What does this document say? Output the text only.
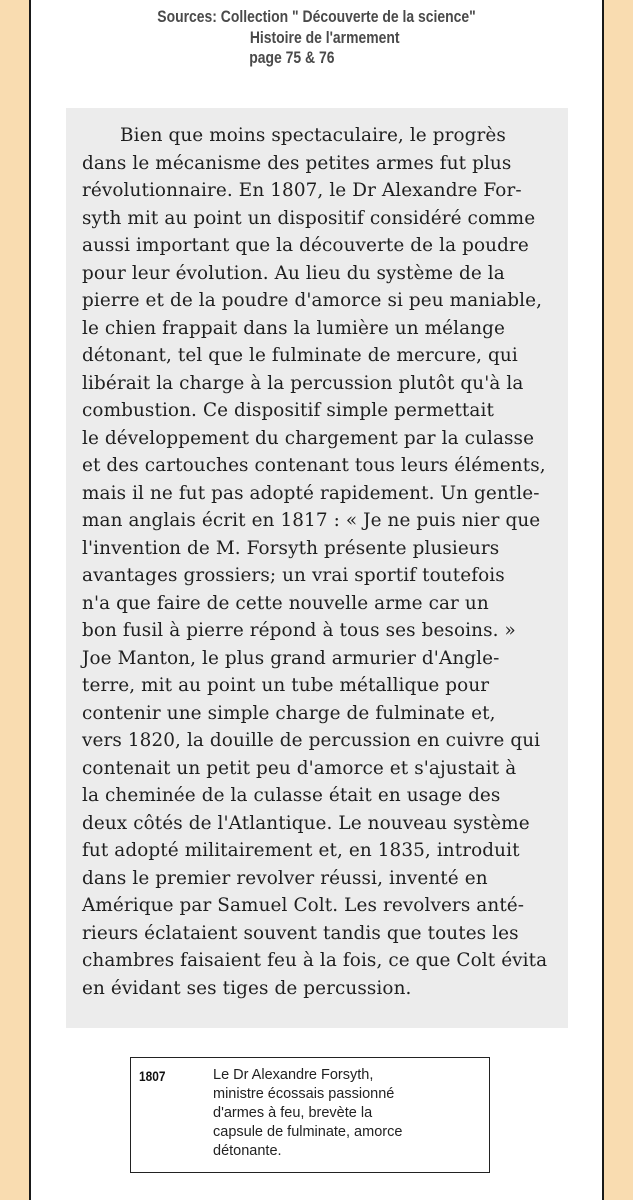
Sources: Collection " Découverte de la science"
Histoire de l'armement
page 75 & 76

Bien que moins spectaculaire, le progrès

dans le mécanisme des petites armes fut plus

révolutionnaire. En 1807, le Dr Alexandre For-

syth mit au point un dispositif considéré comme

aussi important que la découverte de la poudre

pour leur évolution. Au lieu du système de la

pierre et de la poudre d'amorce si peu maniable,

le chien frappait dans la lumière un mélange

détonant, tel que le fulminate de mercure, qui

libérait la charge à la percussion plutôt qu'à la

combustion. Ce dispositif simple permettait

le développement du chargement par la culasse

et des cartouches contenant tous leurs éléments,

mais il ne fut pas adopté rapidement. Un gentle-

man anglais écrit en 1817 : « Je ne puis nier que

l'invention de M. Forsyth présente plusieurs

avantages grossiers; un vrai sportif toutefois

n'a que faire de cette nouvelle arme car un

bon fusil à pierre répond à tous ses besoins. »

Joe Manton, le plus grand armurier d'Angle-

terre, mit au point un tube métallique pour

contenir une simple charge de fulminate et,

vers 1820, la douille de percussion en cuivre qui

contenait un petit peu d'amorce et s'ajustait à

la cheminée de la culasse était en usage des

deux côtés de l'Atlantique. Le nouveau système

fut adopté militairement et, en 1835, introduit

dans le premier revolver réussi, inventé en

Amérique par Samuel Colt. Les revolvers anté-

rieurs éclataient souvent tandis que toutes les

chambres faisaient feu à la fois, ce que Colt évita

en évidant ses tiges de percussion.

1807	Le Dr Alexandre Forsyth,
ministre écossais passionné
d'armes à feu, brevète la
capsule de fulminate, amorce
détonante.
